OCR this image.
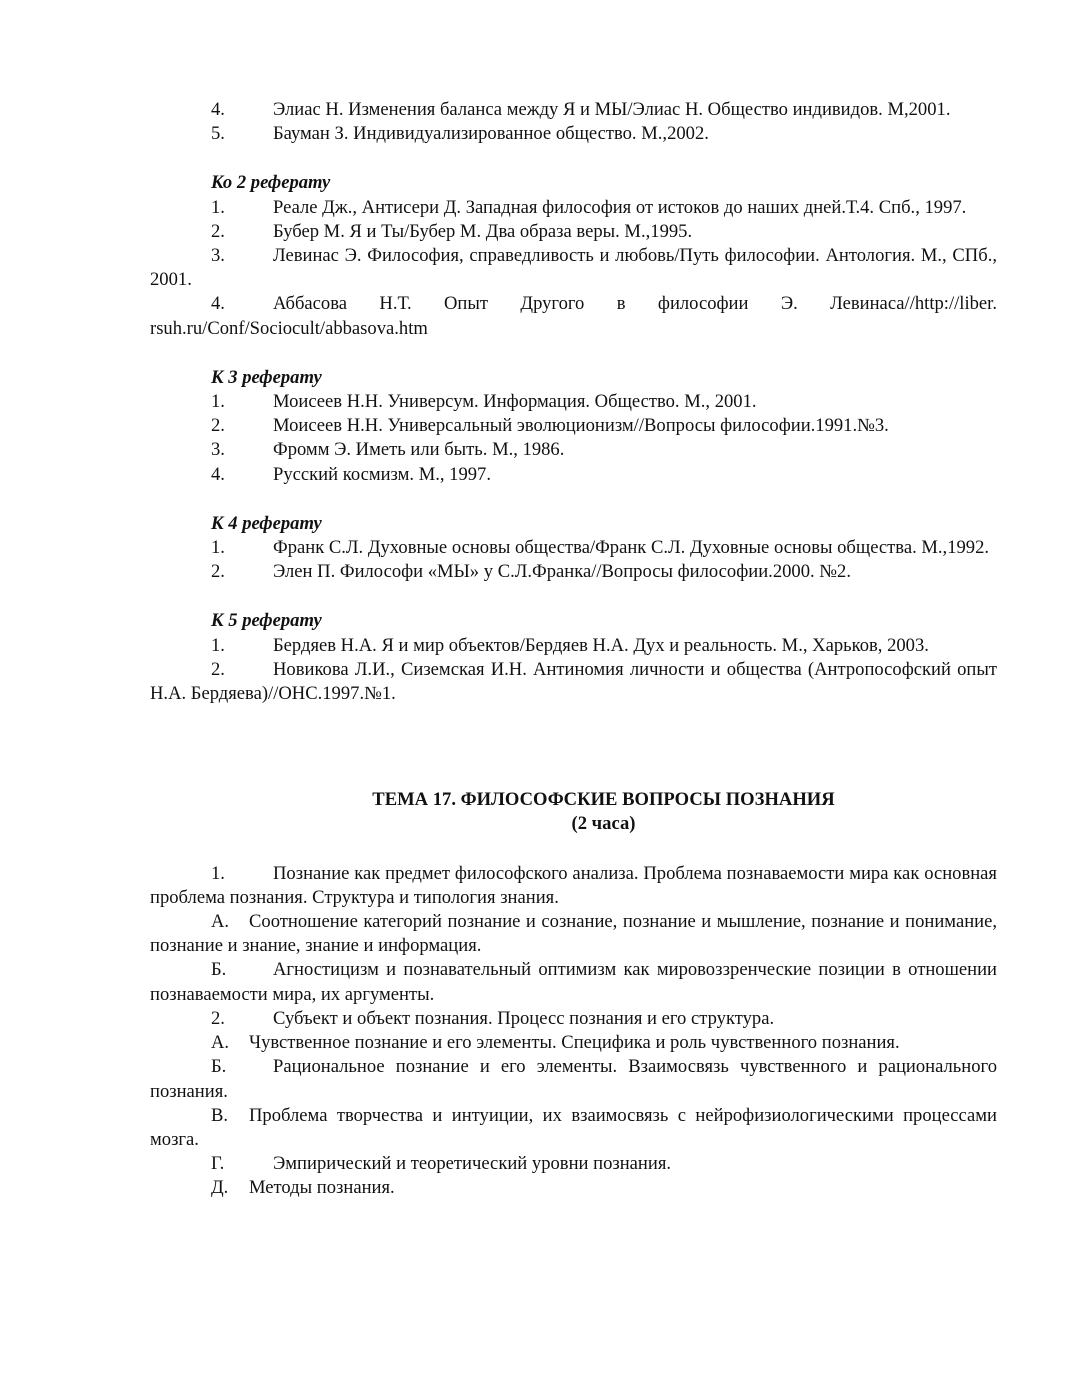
4.	Элиас Н. Изменения баланса между Я и МЫ/Элиас Н. Общество индивидов. М,2001.
5.	Бауман З. Индивидуализированное общество. М.,2002.
Ко 2 реферату
1.	Реале Дж., Антисери Д. Западная философия от истоков до наших дней.Т.4. Спб., 1997.
2.	Бубер М. Я и Ты/Бубер М. Два образа веры. М.,1995.
3.	Левинас Э. Философия, справедливость и любовь/Путь философии. Антология. М., СПб., 2001.
4.	Аббасова Н.Т. Опыт Другого в философии Э. Левинаса//http://liber. rsuh.ru/Conf/Sociocult/abbasova.htm
К 3 реферату
1.	Моисеев Н.Н. Универсум. Информация. Общество. М., 2001.
2.	Моисеев Н.Н. Универсальный эволюционизм//Вопросы философии.1991.№3.
3.	Фромм Э. Иметь или быть. М., 1986.
4.	Русский космизм. М., 1997.
К 4 реферату
1.	Франк С.Л. Духовные основы общества/Франк С.Л. Духовные основы общества. М.,1992.
2.	Элен П. Философи «МЫ» у С.Л.Франка//Вопросы философии.2000. №2.
К 5 реферату
1.	Бердяев Н.А. Я и мир объектов/Бердяев Н.А. Дух и реальность. М., Харьков, 2003.
2.	Новикова Л.И., Сиземская И.Н. Антиномия личности и общества (Антропософский опыт Н.А. Бердяева)//ОНС.1997.№1.
ТЕМА 17. ФИЛОСОФСКИЕ ВОПРОСЫ ПОЗНАНИЯ
(2 часа)
1.	Познание как предмет философского анализа. Проблема познаваемости мира как основная проблема познания. Структура и типология знания.
А. Соотношение категорий познание и сознание, познание и мышление, познание и понимание, познание и знание, знание и информация.
Б.	Агностицизм и познавательный оптимизм как мировоззренческие позиции в отношении познаваемости мира, их аргументы.
2.	Субъект и объект познания. Процесс познания и его структура.
А. Чувственное познание и его элементы. Специфика и роль чувственного познания.
Б.	Рациональное познание и его элементы. Взаимосвязь чувственного и рационального познания.
В. Проблема творчества и интуиции, их взаимосвязь с нейрофизиологическими процессами мозга.
Г.	Эмпирический и теоретический уровни познания.
Д. Методы познания.
